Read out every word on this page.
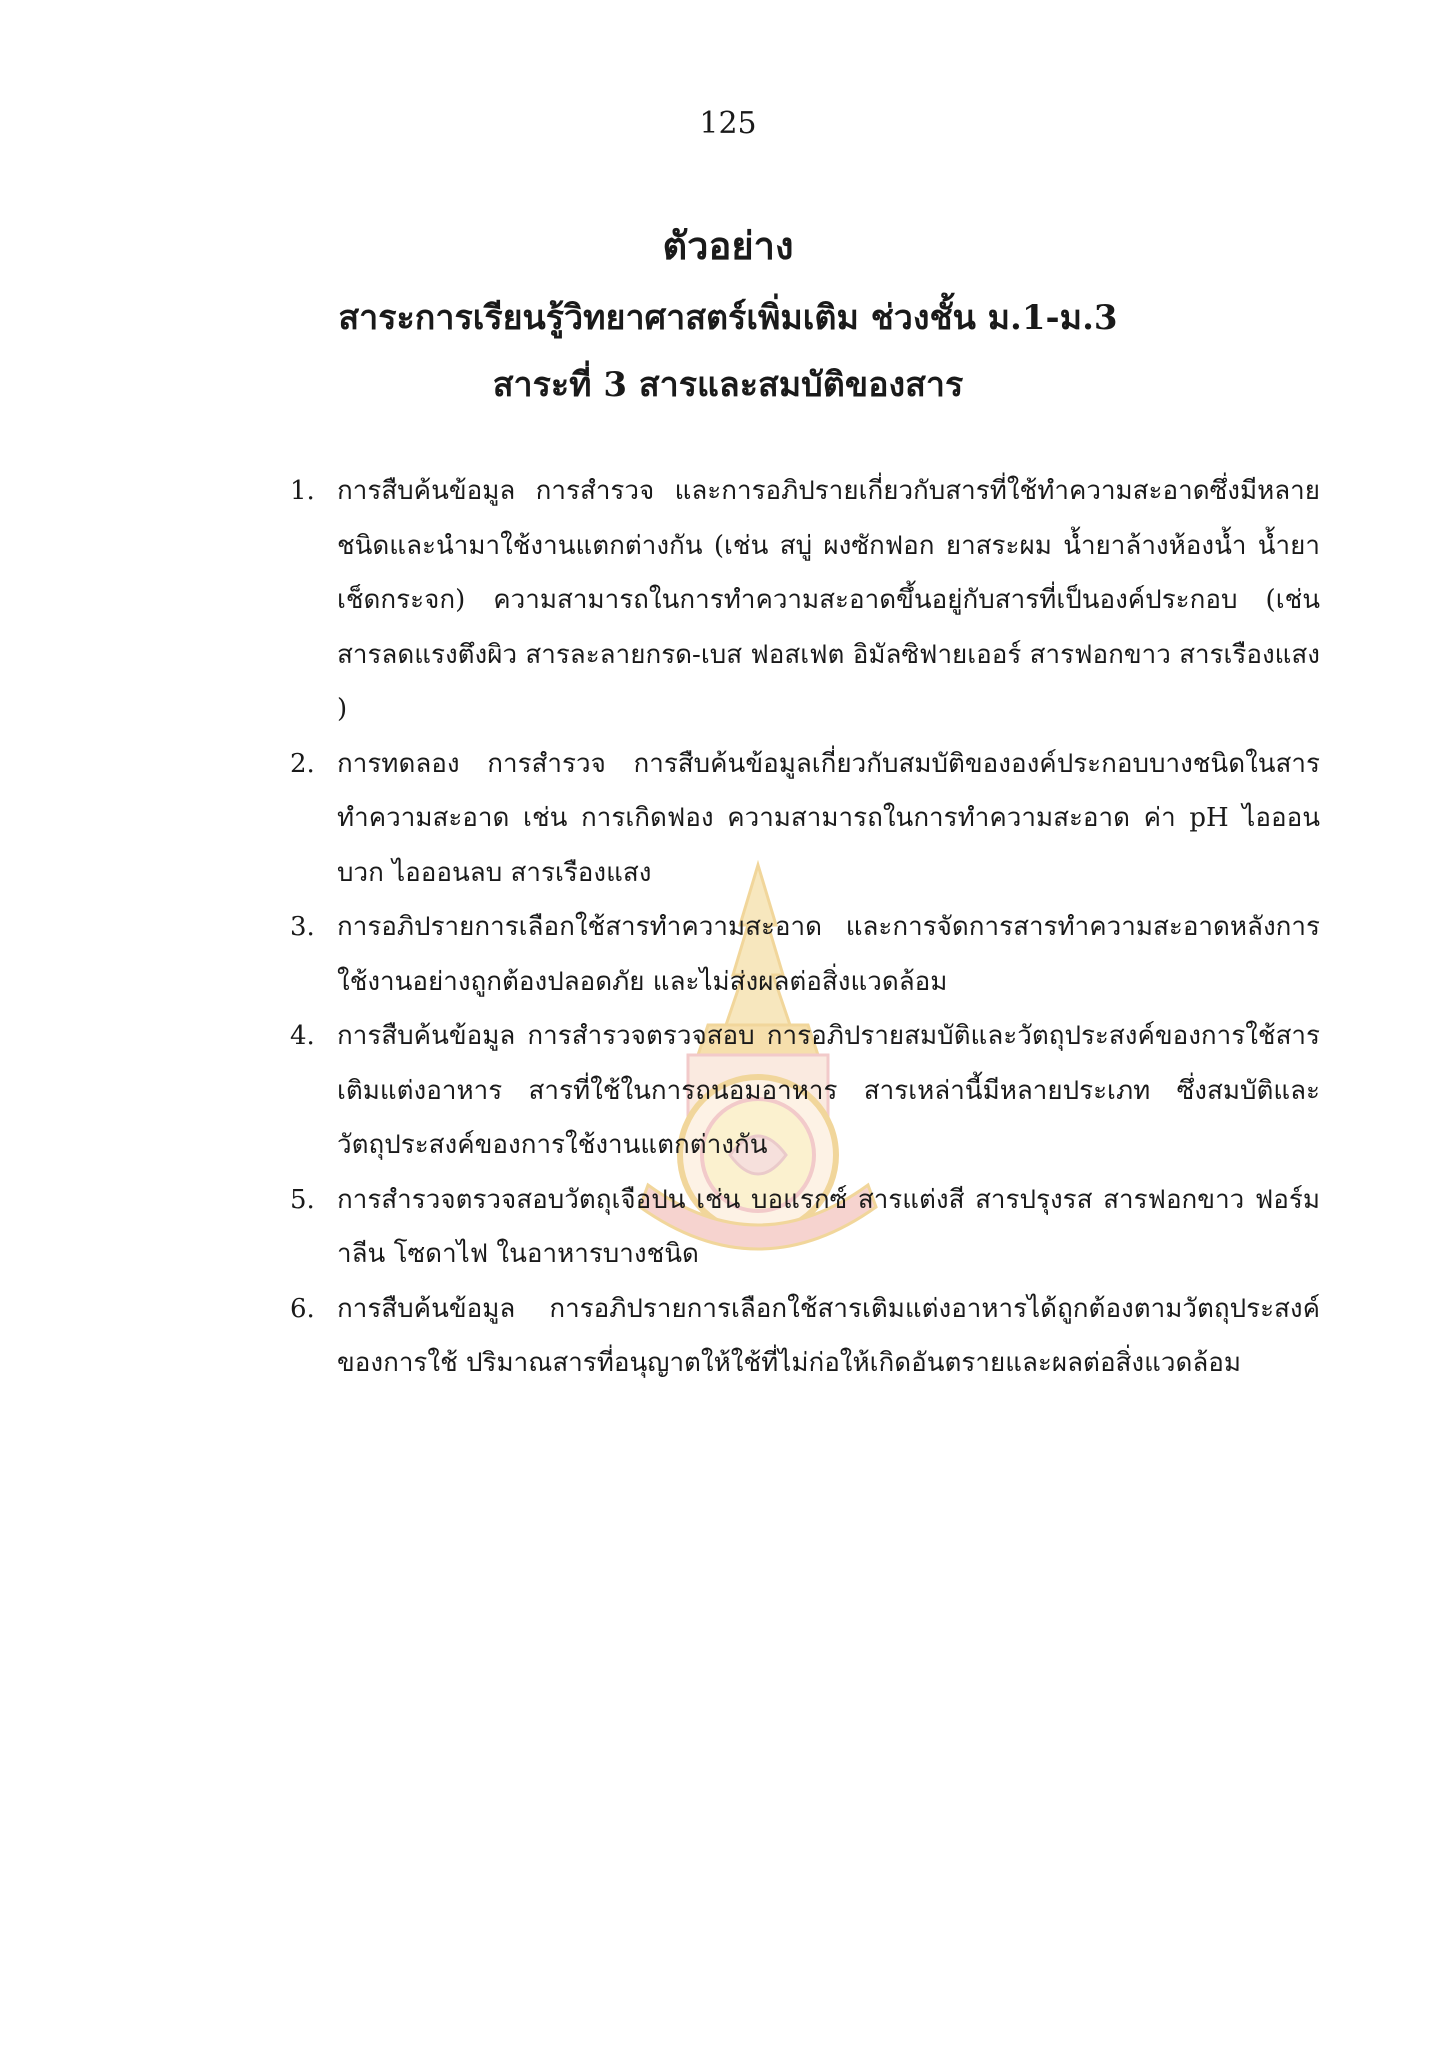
125
ตัวอย่าง
สาระการเรียนรู้วิทยาศาสตร์เพิ่มเติม ช่วงชั้น ม.1-ม.3
สาระที่ 3 สารและสมบัติของสาร
1. การสืบค้นข้อมูล การสำรวจ และการอภิปรายเกี่ยวกับสารที่ใช้ทำความสะอาดซึ่งมีหลายชนิดและนำมาใช้งานแตกต่างกัน (เช่น สบู่ ผงซักฟอก ยาสระผม น้ำยาล้างห้องน้ำ น้ำยาเช็ดกระจก) ความสามารถในการทำความสะอาดขึ้นอยู่กับสารที่เป็นองค์ประกอบ (เช่น สารลดแรงตึงผิว สารละลายกรด-เบส ฟอสเฟต อิมัลซิฟายเออร์ สารฟอกขาว สารเรืองแสง )
2. การทดลอง การสำรวจ การสืบค้นข้อมูลเกี่ยวกับสมบัติขององค์ประกอบบางชนิดในสารทำความสะอาด เช่น การเกิดฟอง ความสามารถในการทำความสะอาด ค่า pH ไอออนบวก ไอออนลบ สารเรืองแสง
3. การอภิปรายการเลือกใช้สารทำความสะอาด และการจัดการสารทำความสะอาดหลังการใช้งานอย่างถูกต้องปลอดภัย และไม่ส่งผลต่อสิ่งแวดล้อม
4. การสืบค้นข้อมูล การสำรวจตรวจสอบ การอภิปรายสมบัติและวัตถุประสงค์ของการใช้สารเติมแต่งอาหาร สารที่ใช้ในการถนอมอาหาร สารเหล่านี้มีหลายประเภท ซึ่งสมบัติและวัตถุประสงค์ของการใช้งานแตกต่างกัน
5. การสำรวจตรวจสอบวัตถุเจือปน เช่น บอแรกซ์ สารแต่งสี สารปรุงรส สารฟอกขาว ฟอร์มาลีน โซดาไฟ ในอาหารบางชนิด
6. การสืบค้นข้อมูล การอภิปรายการเลือกใช้สารเติมแต่งอาหารได้ถูกต้องตามวัตถุประสงค์ของการใช้ ปริมาณสารที่อนุญาตให้ใช้ที่ไม่ก่อให้เกิดอันตรายและผลต่อสิ่งแวดล้อม
